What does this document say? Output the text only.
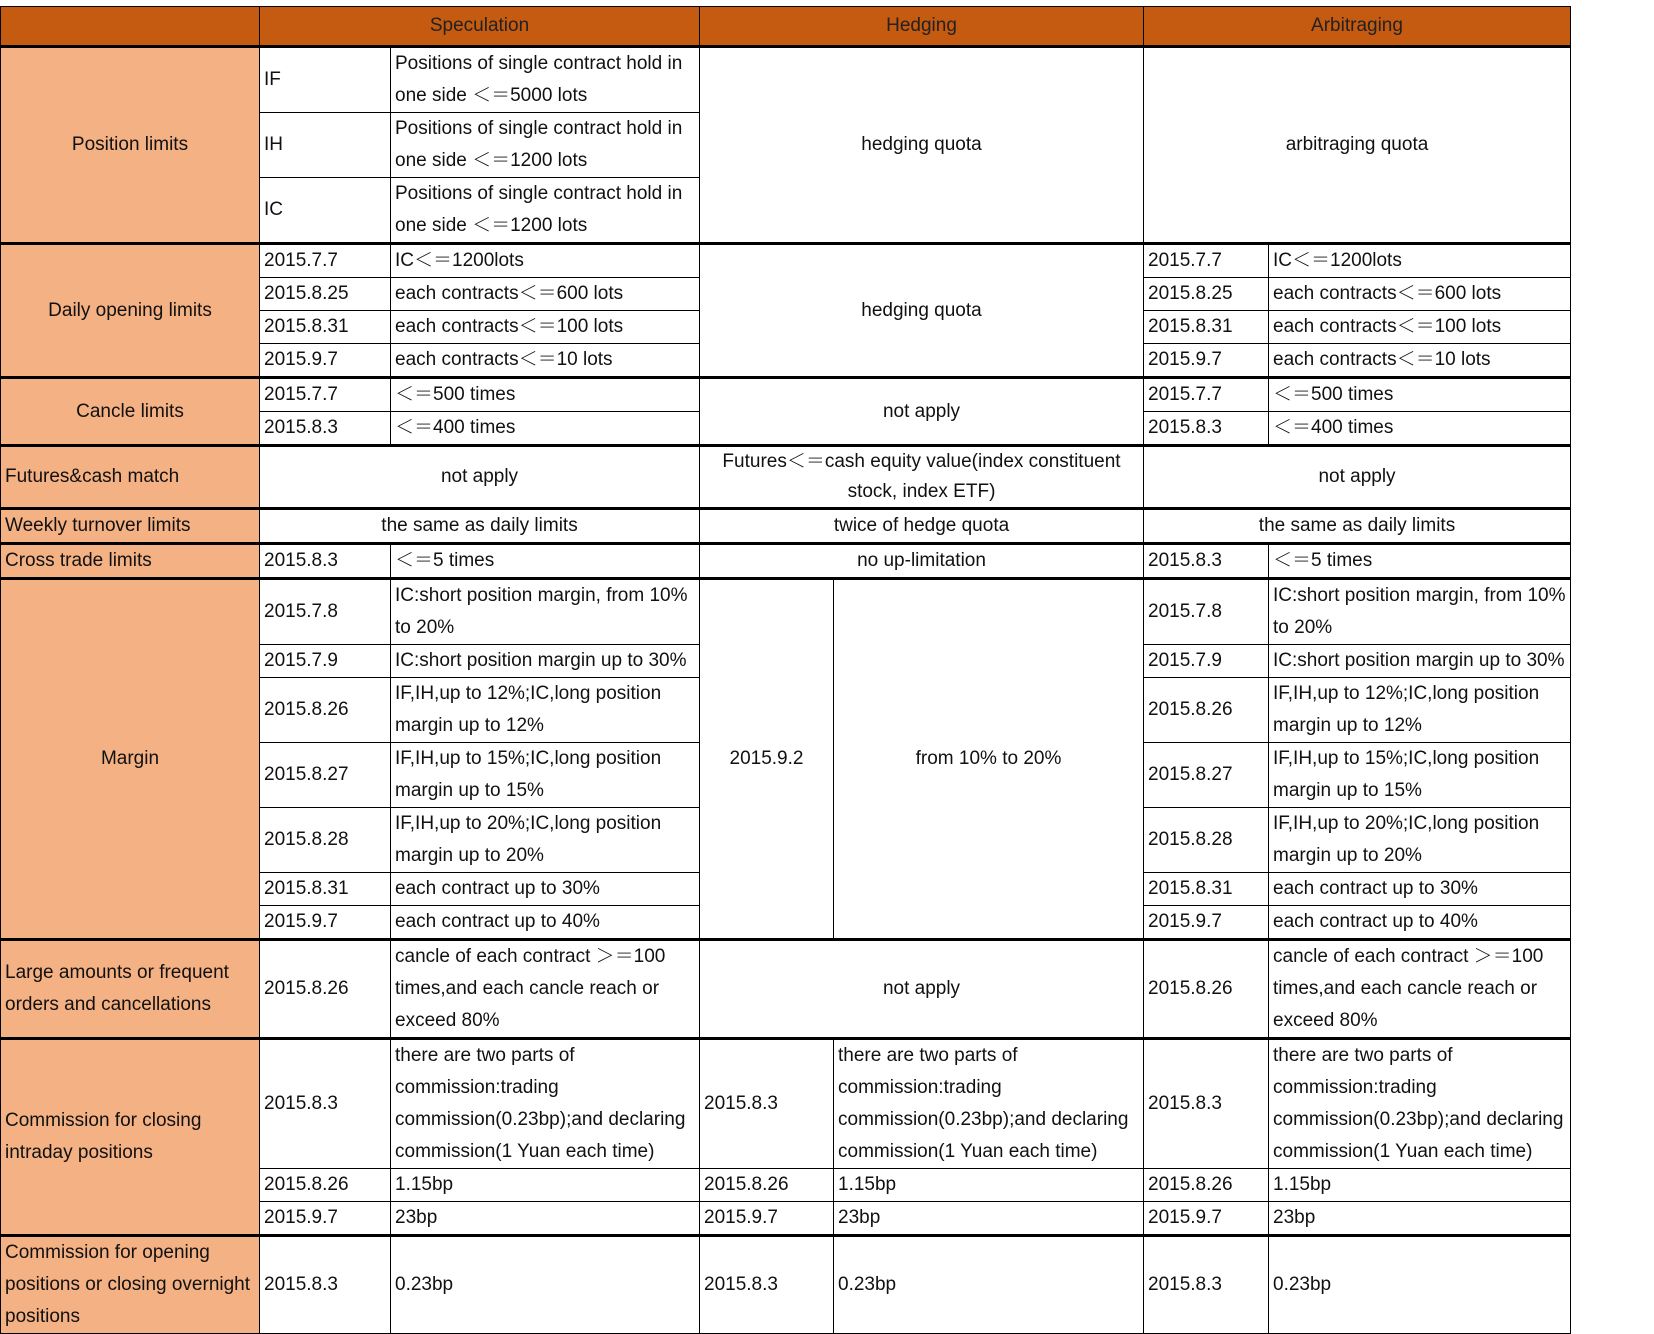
	Speculation		Hedging		Arbitraging	
Position limits	IF	Positions of single contract hold in one side ＜＝5000 lots	hedging quota		arbitraging quota	
	IH	Positions of single contract hold in one side ＜＝1200 lots				
	IC	Positions of single contract hold in one side ＜＝1200 lots				
Daily opening limits	2015.7.7	IC＜＝1200lots	hedging quota		2015.7.7	IC＜＝1200lots
	2015.8.25	each contracts＜＝600 lots			2015.8.25	each contracts＜＝600 lots
	2015.8.31	each contracts＜＝100 lots			2015.8.31	each contracts＜＝100 lots
	2015.9.7	each contracts＜＝10 lots			2015.9.7	each contracts＜＝10 lots
Cancle limits	2015.7.7	＜＝500 times	not apply		2015.7.7	＜＝500 times
	2015.8.3	＜＝400 times			2015.8.3	＜＝400 times
Futures&cash match	not apply		Futures＜＝cash equity value(index constituent stock, index ETF)		not apply	
Weekly turnover limits	the same as daily limits		twice of hedge quota		the same as daily limits	
Cross trade limits	2015.8.3	＜＝5 times	no up-limitation		2015.8.3	＜＝5 times
Margin	2015.7.8	IC:short position margin, from 10% to 20%	2015.9.2	from 10% to 20%	2015.7.8	IC:short position margin, from 10% to 20%
	2015.7.9	IC:short position margin up to 30%			2015.7.9	IC:short position margin up to 30%
	2015.8.26	IF,IH,up to 12%;IC,long position margin up to 12%			2015.8.26	IF,IH,up to 12%;IC,long position margin up to 12%
	2015.8.27	IF,IH,up to 15%;IC,long position margin up to 15%			2015.8.27	IF,IH,up to 15%;IC,long position margin up to 15%
	2015.8.28	IF,IH,up to 20%;IC,long position margin up to 20%			2015.8.28	IF,IH,up to 20%;IC,long position margin up to 20%
	2015.8.31	each contract up to 30%			2015.8.31	each contract up to 30%
	2015.9.7	each contract up to 40%			2015.9.7	each contract up to 40%
Large amounts or frequent orders and cancellations	2015.8.26	cancle of each contract ＞＝100 times,and each cancle reach or exceed 80%	not apply		2015.8.26	cancle of each contract ＞＝100 times,and each cancle reach or exceed 80%
Commission for closing intraday positions	2015.8.3	there are two parts of commission:trading commission(0.23bp);and declaring commission(1 Yuan each time)	2015.8.3	there are two parts of commission:trading commission(0.23bp);and declaring commission(1 Yuan each time)	2015.8.3	there are two parts of commission:trading commission(0.23bp);and declaring commission(1 Yuan each time)
	2015.8.26	1.15bp	2015.8.26	1.15bp	2015.8.26	1.15bp
	2015.9.7	23bp	2015.9.7	23bp	2015.9.7	23bp
Commission for opening positions or closing overnight positions	2015.8.3	0.23bp	2015.8.3	0.23bp	2015.8.3	0.23bp
